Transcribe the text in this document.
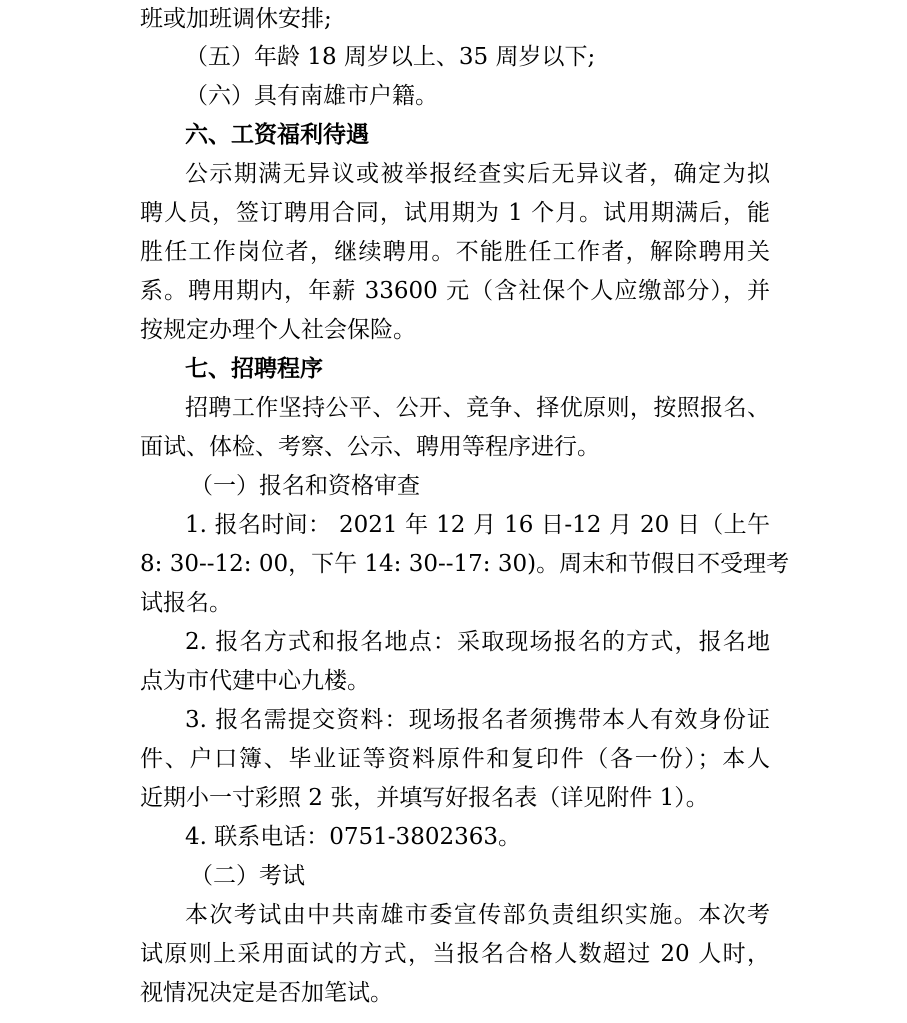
班或加班调休安排;
（五）年龄 18 周岁以上、35 周岁以下;
（六）具有南雄市户籍。
六、工资福利待遇
公示期满无异议或被举报经查实后无异议者，确定为拟
聘人员，签订聘用合同，试用期为 1 个月。试用期满后，能
胜任工作岗位者，继续聘用。不能胜任工作者，解除聘用关
系。聘用期内，年薪 33600 元（含社保个人应缴部分），并
按规定办理个人社会保险。
七、招聘程序
招聘工作坚持公平、公开、竞争、择优原则，按照报名、
面试、体检、考察、公示、聘用等程序进行。
（一）报名和资格审查
1. 报名时间： 2021 年 12 月 16 日-12 月 20 日（上午
8: 30--12: 00，下午 14: 30--17: 30)。周末和节假日不受理考
试报名。
2. 报名方式和报名地点：采取现场报名的方式，报名地
点为市代建中心九楼。
3. 报名需提交资料：现场报名者须携带本人有效身份证
件、户口簿、毕业证等资料原件和复印件（各一份）；本人
近期小一寸彩照 2 张，并填写好报名表（详见附件 1）。
4. 联系电话：0751-3802363。
（二）考试
本次考试由中共南雄市委宣传部负责组织实施。本次考
试原则上采用面试的方式，当报名合格人数超过 20 人时，
视情况决定是否加笔试。
